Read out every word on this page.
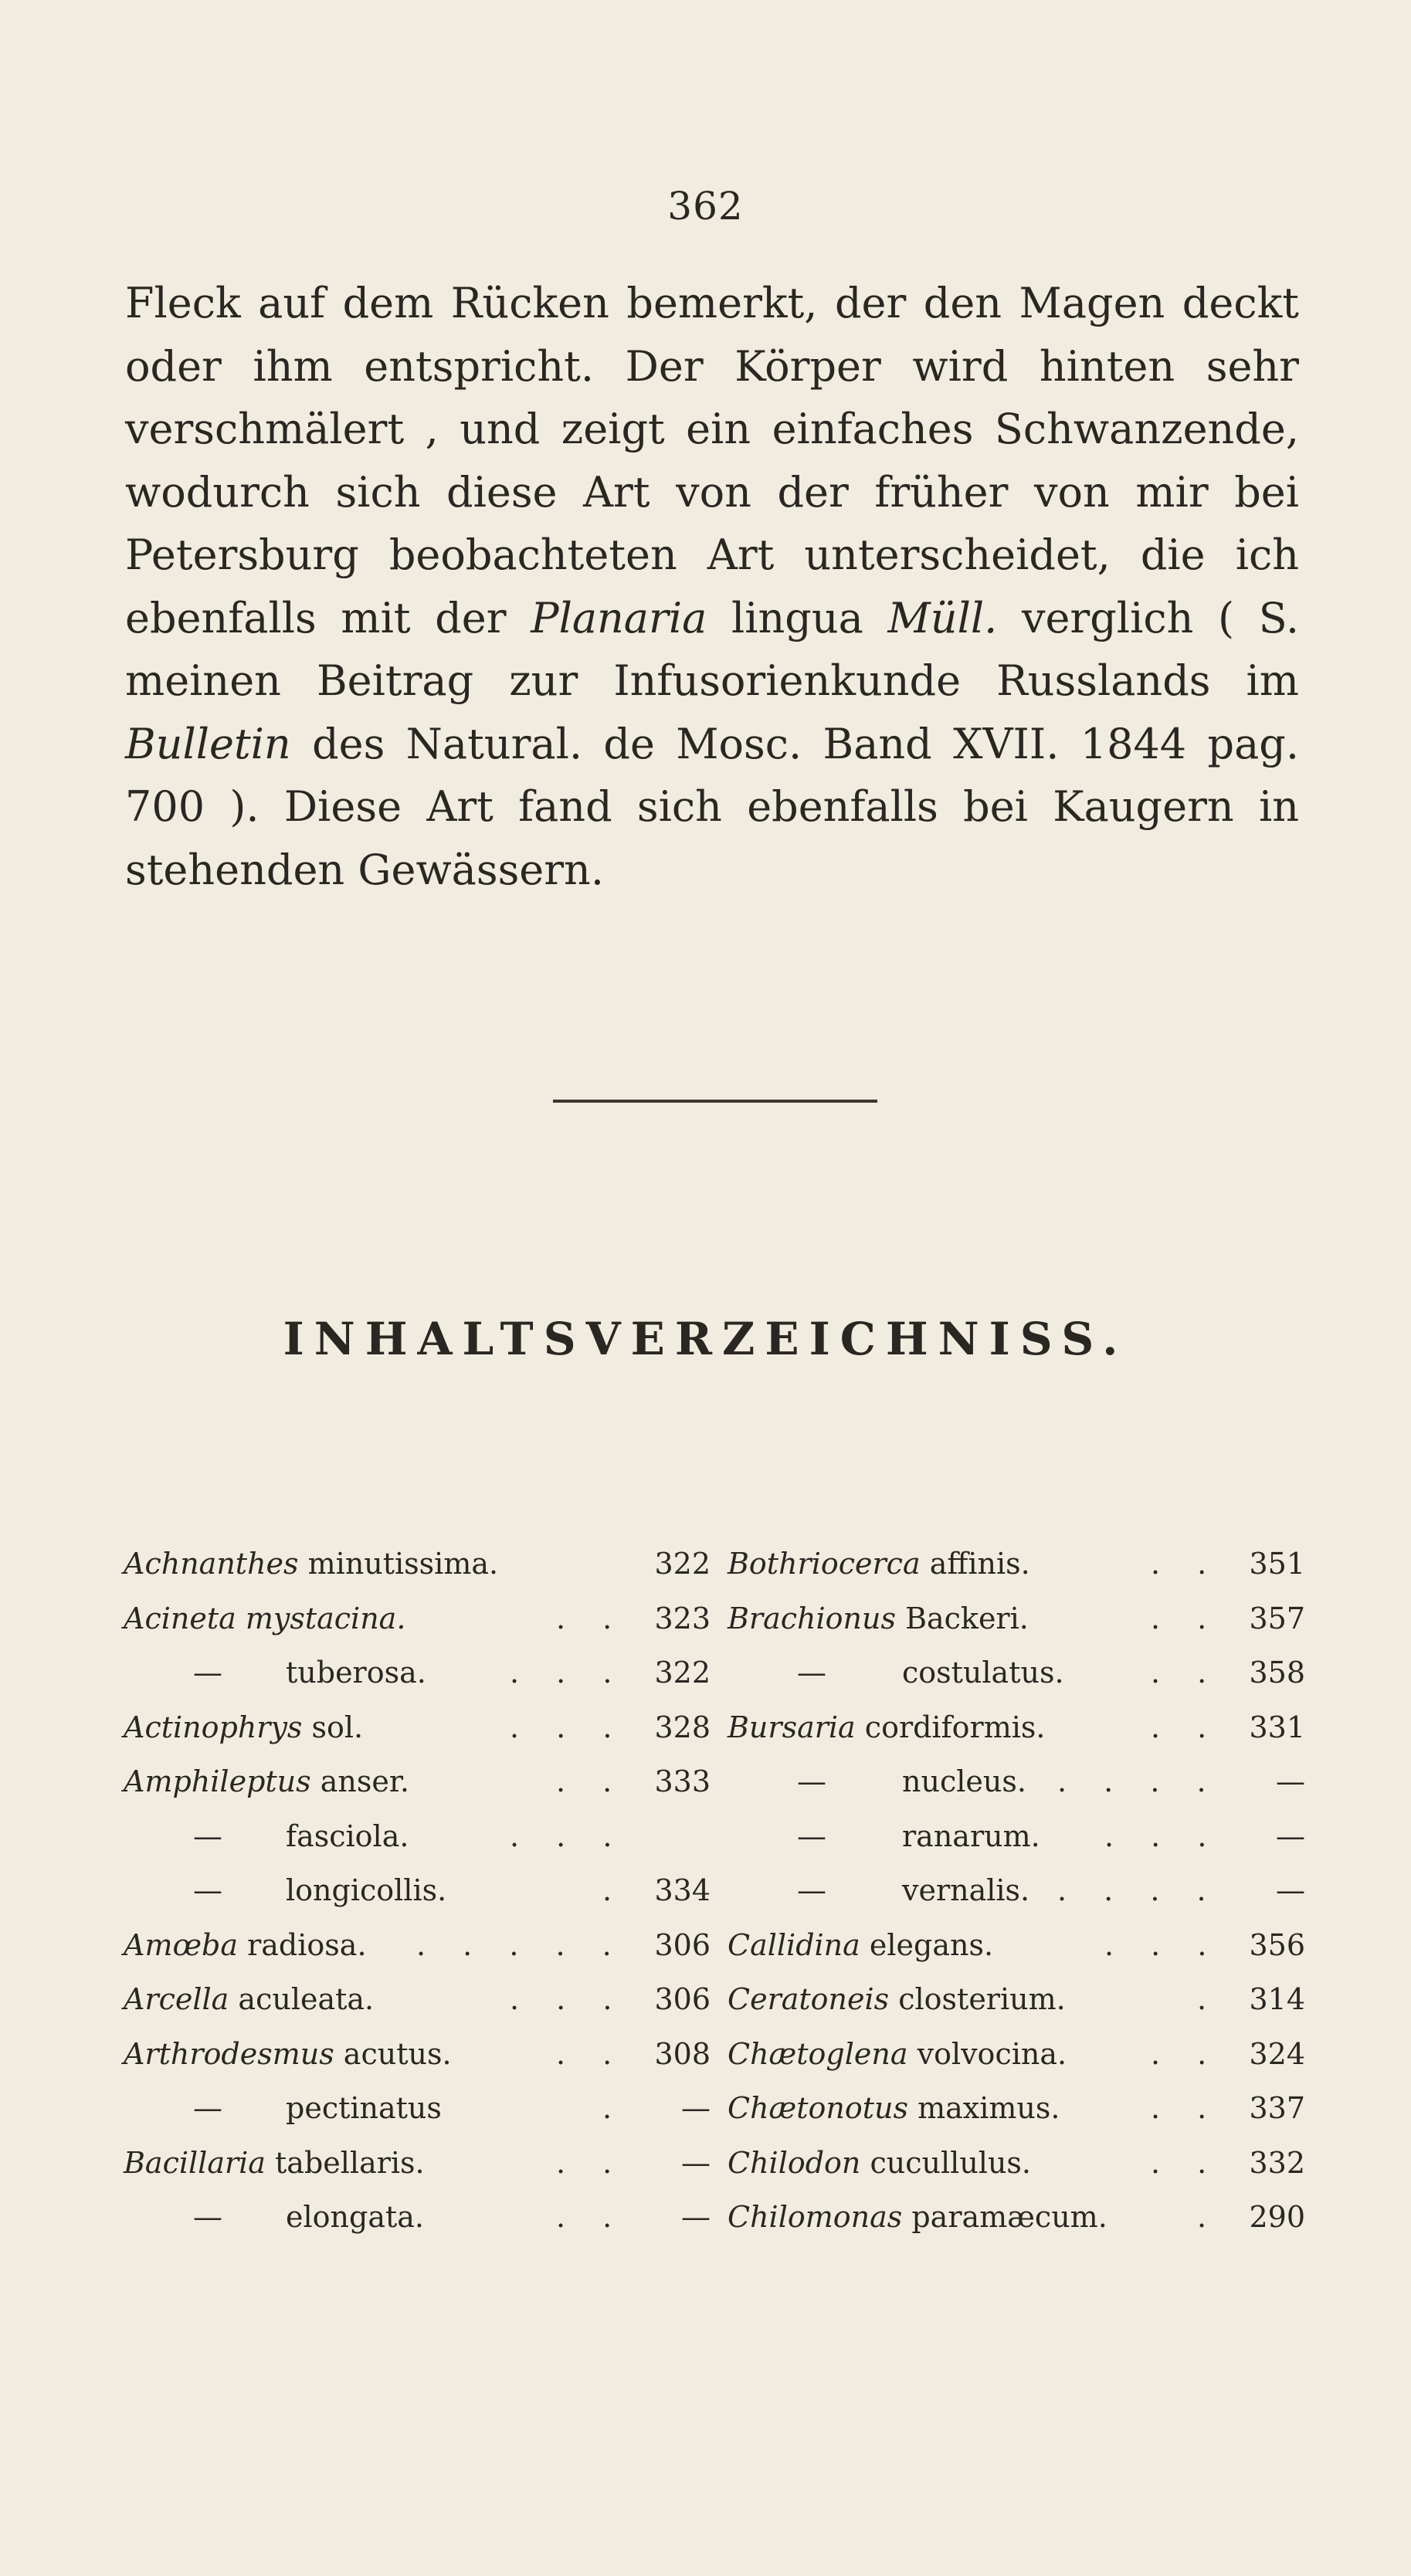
362
Fleck auf dem Rücken bemerkt, der den Magen deckt
oder ihm entspricht. Der Körper wird hinten sehr
verschmälert , und zeigt ein einfaches Schwanzende,
wodurch sich diese Art von der früher von mir bei
Petersburg beobachteten Art unterscheidet, die ich
ebenfalls mit der Planaria lingua Müll. verglich ( S.
meinen Beitrag zur Infusorienkunde Russlands im
Bulletin des Natural. de Mosc. Band XVII. 1844 pag.
700 ). Diese Art fand sich ebenfalls bei Kaugern in
stehenden Gewässern.
INHALTSVERZEICHNISS.
Achnanthes minutissima.	322
Acineta mystacina.	. . 323
— tuberosa.	. . . 322
Actinophrys sol.	. . . 328
Amphileptus anser.	. . 333
— fasciola.	. . .
— longicollis.	. 334
Amœba radiosa. . . . . . 306
Arcella aculeata.	. . . 306
Arthrodesmus acutus.	. . 308
— pectinatus	. —
Bacillaria tabellaris.	. . —
— elongata.	. . —
Bothriocerca affinis.	. . 351
Brachionus Backeri.	. . 357
—	costulatus.	. . 358
Bursaria cordiformis.	. . 331
—	nucleus. . . . . —
—	ranarum. . . . —
—	vernalis. . . . . —
Callidina elegans.	. . . 356
Ceratoneis closterium.	. 314
Chætoglena volvocina.	. . 324
Chætonotus maximus.	. . 337
Chilodon cucullulus.	. . 332
Chilomonas paramæcum.	. 290
